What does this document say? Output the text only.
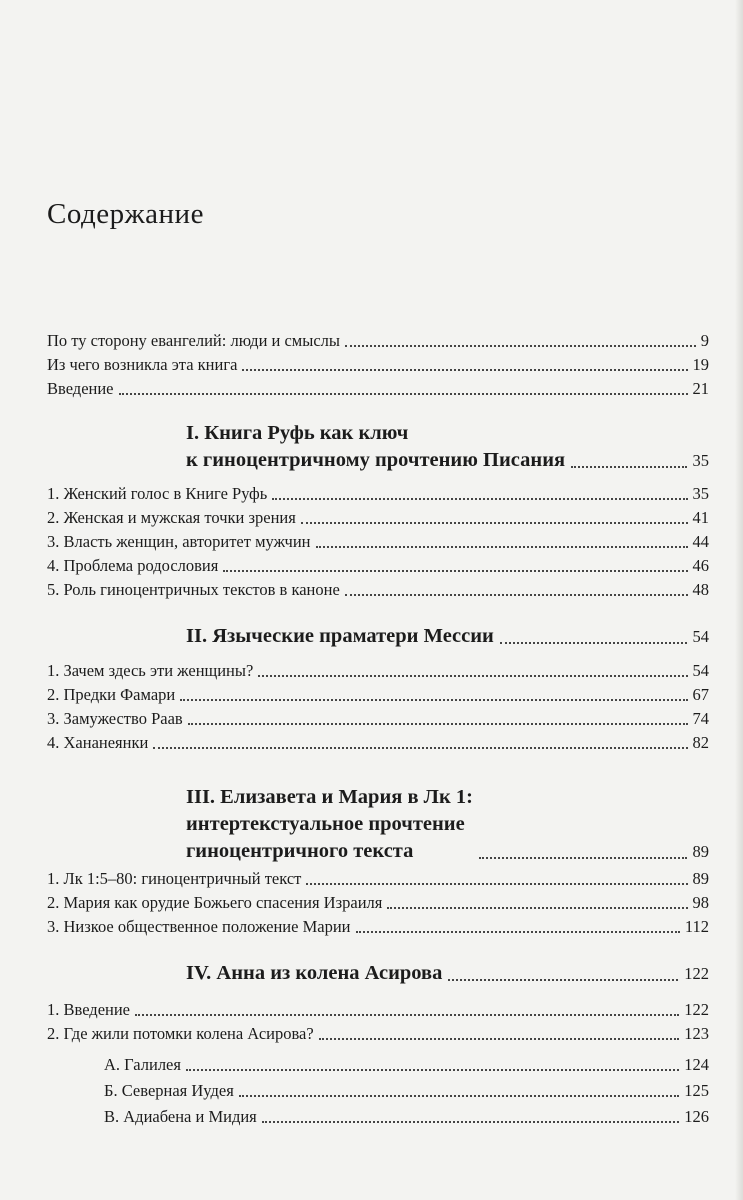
Содержание
По ту сторону евангелий: люди и смыслы	9
Из чего возникла эта книга	19
Введение	21
I. Книга Руфь как ключ
к гиноцентричному прочтению Писания	35
1. Женский голос в Книге Руфь	35
2. Женская и мужская точки зрения	41
3. Власть женщин, авторитет мужчин	44
4. Проблема родословия	46
5. Роль гиноцентричных текстов в каноне	48
II. Языческие праматери Мессии	54
1. Зачем здесь эти женщины?	54
2. Предки Фамари	67
3. Замужество Раав	74
4. Хананеянки	82
III. Елизавета и Мария в Лк 1:
интертекстуальное прочтение
гиноцентричного текста	89
1. Лк 1:5–80: гиноцентричный текст	89
2. Мария как орудие Божьего спасения Израиля	98
3. Низкое общественное положение Марии	112
IV. Анна из колена Асирова	122
1. Введение	122
2. Где жили потомки колена Асирова?	123
А. Галилея	124
Б. Северная Иудея	125
В. Адиабена и Мидия	126
